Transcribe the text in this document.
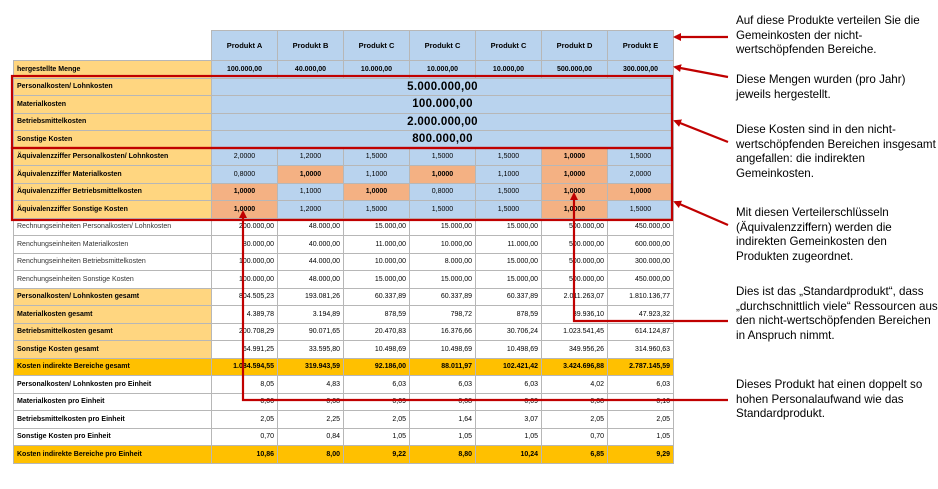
	Produkt A	Produkt B	Produkt C	Produkt C	Produkt C	Produkt D	Produkt E
hergestellte Menge	100.000,00	40.000,00	10.000,00	10.000,00	10.000,00	500.000,00	300.000,00
Personalkosten/ Lohnkosten	5.000.000,00						
Materialkosten	100.000,00						
Betriebsmittelkosten	2.000.000,00						
Sonstige Kosten	800.000,00						
Äquivalenzziffer Personalkosten/ Lohnkosten	2,0000	1,2000	1,5000	1,5000	1,5000	1,0000	1,5000
Äquivalenzziffer Materialkosten	0,8000	1,0000	1,1000	1,0000	1,1000	1,0000	2,0000
Äquivalenzziffer Betriebsmittelkosten	1,0000	1,1000	1,0000	0,8000	1,5000	1,0000	1,0000
Äquivalenzziffer Sonstige Kosten	1,0000	1,2000	1,5000	1,5000	1,5000	1,0000	1,5000
Rechnungseinheiten Personalkosten/ Lohnkosten	200.000,00	48.000,00	15.000,00	15.000,00	15.000,00	500.000,00	450.000,00
Renchungseinheiten Materialkosten	80.000,00	40.000,00	11.000,00	10.000,00	11.000,00	500.000,00	600.000,00
Renchungseinheiten Betriebsmittelkosten	100.000,00	44.000,00	10.000,00	8.000,00	15.000,00	500.000,00	300.000,00
Renchungseinheiten Sonstige Kosten	100.000,00	48.000,00	15.000,00	15.000,00	15.000,00	500.000,00	450.000,00
Personalkosten/ Lohnkosten gesamt	804.505,23	193.081,26	60.337,89	60.337,89	60.337,89	2.011.263,07	1.810.136,77
Materialkosten gesamt	4.389,78	3.194,89	878,59	798,72	878,59	39.936,10	47.923,32
Betriebsmittelkosten gesamt	200.708,29	90.071,65	20.470,83	16.376,66	30.706,24	1.023.541,45	614.124,87
Sonstige Kosten gesamt	64.991,25	33.595,80	10.498,69	10.498,69	10.498,69	349.956,26	314.960,63
Kosten indirekte Bereiche gesamt	1.084.594,55	319.943,59	92.186,00	88.011,97	102.421,42	3.424.696,88	2.787.145,59
Personalkosten/ Lohnkosten pro Einheit	8,05	4,83	6,03	6,03	6,03	4,02	6,03
Materialkosten pro Einheit	0,06	0,08	0,09	0,08	0,09	0,08	0,16
Betriebsmittelkosten pro Einheit	2,05	2,25	2,05	1,64	3,07	2,05	2,05
Sonstige Kosten pro Einheit	0,70	0,84	1,05	1,05	1,05	0,70	1,05
Kosten indirekte Bereiche pro Einheit	10,86	8,00	9,22	8,80	10,24	6,85	9,29

Auf diese Produkte verteilen Sie die Gemeinkosten der nicht-wertschöpfenden Bereiche.

Diese Mengen wurden (pro Jahr) jeweils hergestellt.

Diese Kosten sind in den nicht-wertschöpfenden Bereichen insgesamt angefallen: die indirekten Gemeinkosten.

Mit diesen Verteilerschlüsseln (Äquivalenzziffern) werden die indirekten Gemeinkosten den Produkten zugeordnet.

Dies ist das „Standardprodukt“, dass „durchschnittlich viele“ Ressourcen aus den nicht-wertschöpfenden Bereichen in Anspruch nimmt.

Dieses Produkt hat einen doppelt so hohen Personalaufwand wie das Standardprodukt.
